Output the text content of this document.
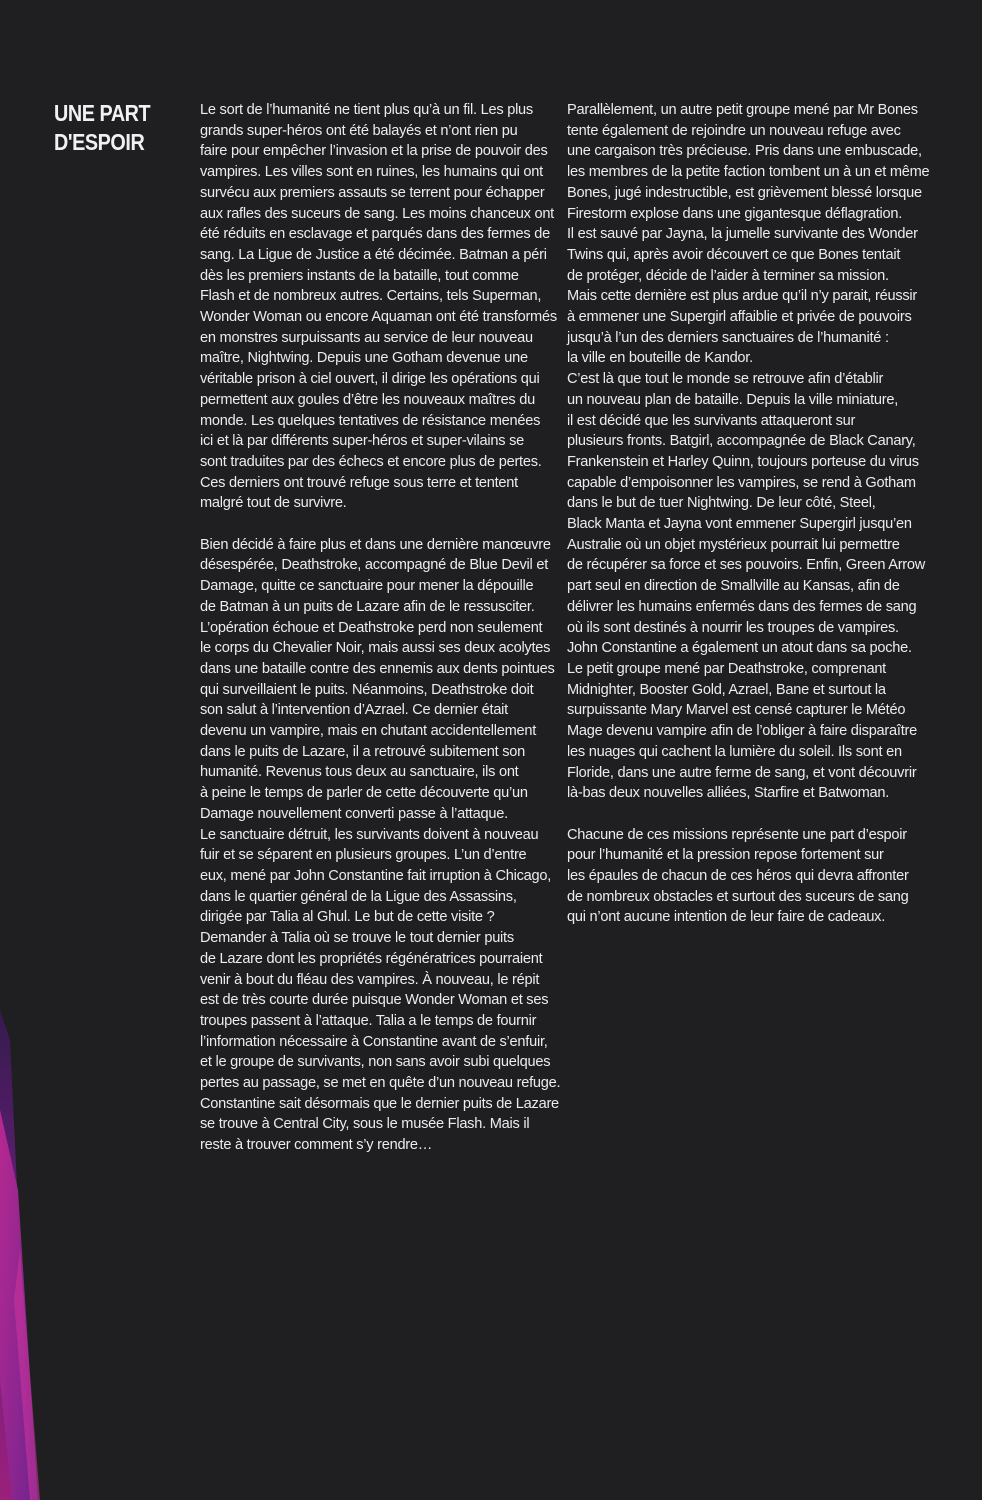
UNE PART
D'ESPOIR

Le sort de l’humanité ne tient plus qu’à un fil. Les plus
grands super-héros ont été balayés et n’ont rien pu
faire pour empêcher l’invasion et la prise de pouvoir des
vampires. Les villes sont en ruines, les humains qui ont
survécu aux premiers assauts se terrent pour échapper
aux rafles des suceurs de sang. Les moins chanceux ont
été réduits en esclavage et parqués dans des fermes de
sang. La Ligue de Justice a été décimée. Batman a péri
dès les premiers instants de la bataille, tout comme
Flash et de nombreux autres. Certains, tels Superman,
Wonder Woman ou encore Aquaman ont été transformés
en monstres surpuissants au service de leur nouveau
maître, Nightwing. Depuis une Gotham devenue une
véritable prison à ciel ouvert, il dirige les opérations qui
permettent aux goules d’être les nouveaux maîtres du
monde. Les quelques tentatives de résistance menées
ici et là par différents super-héros et super-vilains se
sont traduites par des échecs et encore plus de pertes.
Ces derniers ont trouvé refuge sous terre et tentent
malgré tout de survivre.

Bien décidé à faire plus et dans une dernière manœuvre
désespérée, Deathstroke, accompagné de Blue Devil et
Damage, quitte ce sanctuaire pour mener la dépouille
de Batman à un puits de Lazare afin de le ressusciter.
L’opération échoue et Deathstroke perd non seulement
le corps du Chevalier Noir, mais aussi ses deux acolytes
dans une bataille contre des ennemis aux dents pointues
qui surveillaient le puits. Néanmoins, Deathstroke doit
son salut à l’intervention d’Azrael. Ce dernier était
devenu un vampire, mais en chutant accidentellement
dans le puits de Lazare, il a retrouvé subitement son
humanité. Revenus tous deux au sanctuaire, ils ont
à peine le temps de parler de cette découverte qu’un
Damage nouvellement converti passe à l’attaque.
Le sanctuaire détruit, les survivants doivent à nouveau
fuir et se séparent en plusieurs groupes. L’un d’entre
eux, mené par John Constantine fait irruption à Chicago,
dans le quartier général de la Ligue des Assassins,
dirigée par Talia al Ghul. Le but de cette visite ?
Demander à Talia où se trouve le tout dernier puits
de Lazare dont les propriétés régénératrices pourraient
venir à bout du fléau des vampires. À nouveau, le répit
est de très courte durée puisque Wonder Woman et ses
troupes passent à l’attaque. Talia a le temps de fournir
l’information nécessaire à Constantine avant de s’enfuir,
et le groupe de survivants, non sans avoir subi quelques
pertes au passage, se met en quête d’un nouveau refuge.
Constantine sait désormais que le dernier puits de Lazare
se trouve à Central City, sous le musée Flash. Mais il
reste à trouver comment s’y rendre…

Parallèlement, un autre petit groupe mené par Mr Bones
tente également de rejoindre un nouveau refuge avec
une cargaison très précieuse. Pris dans une embuscade,
les membres de la petite faction tombent un à un et même
Bones, jugé indestructible, est grièvement blessé lorsque
Firestorm explose dans une gigantesque déflagration.
Il est sauvé par Jayna, la jumelle survivante des Wonder
Twins qui, après avoir découvert ce que Bones tentait
de protéger, décide de l’aider à terminer sa mission.
Mais cette dernière est plus ardue qu’il n’y parait, réussir
à emmener une Supergirl affaiblie et privée de pouvoirs
jusqu’à l’un des derniers sanctuaires de l’humanité :
la ville en bouteille de Kandor.
C’est là que tout le monde se retrouve afin d’établir
un nouveau plan de bataille. Depuis la ville miniature,
il est décidé que les survivants attaqueront sur
plusieurs fronts. Batgirl, accompagnée de Black Canary,
Frankenstein et Harley Quinn, toujours porteuse du virus
capable d’empoisonner les vampires, se rend à Gotham
dans le but de tuer Nightwing. De leur côté, Steel,
Black Manta et Jayna vont emmener Supergirl jusqu’en
Australie où un objet mystérieux pourrait lui permettre
de récupérer sa force et ses pouvoirs. Enfin, Green Arrow
part seul en direction de Smallville au Kansas, afin de
délivrer les humains enfermés dans des fermes de sang
où ils sont destinés à nourrir les troupes de vampires.
John Constantine a également un atout dans sa poche.
Le petit groupe mené par Deathstroke, comprenant
Midnighter, Booster Gold, Azrael, Bane et surtout la
surpuissante Mary Marvel est censé capturer le Météo
Mage devenu vampire afin de l’obliger à faire disparaître
les nuages qui cachent la lumière du soleil. Ils sont en
Floride, dans une autre ferme de sang, et vont découvrir
là-bas deux nouvelles alliées, Starfire et Batwoman.

Chacune de ces missions représente une part d’espoir
pour l’humanité et la pression repose fortement sur
les épaules de chacun de ces héros qui devra affronter
de nombreux obstacles et surtout des suceurs de sang
qui n’ont aucune intention de leur faire de cadeaux.
